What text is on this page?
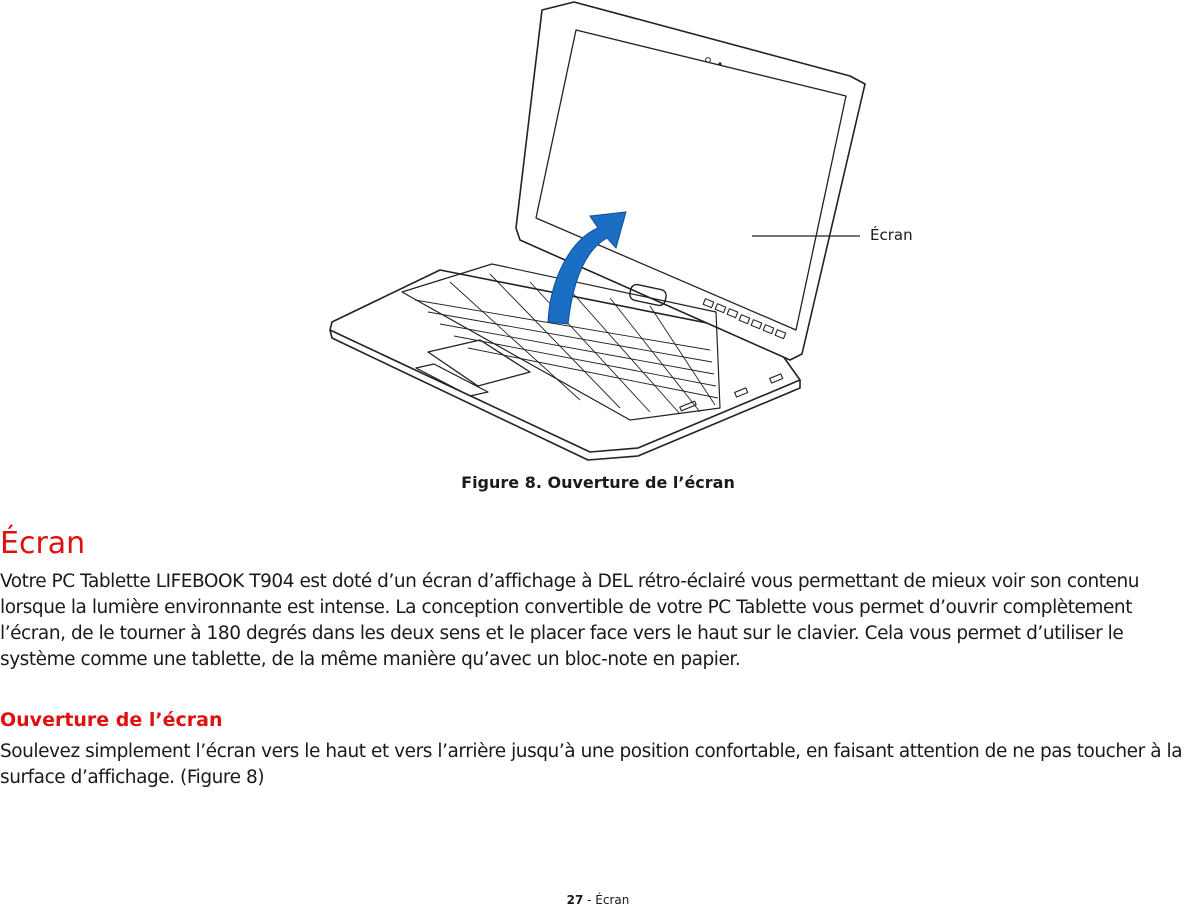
Écran
Figure 8. Ouverture de l’écran
Écran

Votre PC Tablette LIFEBOOK T904 est doté d’un écran d’affichage à DEL rétro-éclairé vous permettant de mieux voir son contenu lorsque la lumière environnante est intense. La conception convertible de votre PC Tablette vous permet d’ouvrir complètement l’écran, de le tourner à 180 degrés dans les deux sens et le placer face vers le haut sur le clavier. Cela vous permet d’utiliser le système comme une tablette, de la même manière qu’avec un bloc-note en papier.

Ouverture de l’écran

Soulevez simplement l’écran vers le haut et vers l’arrière jusqu’à une position confortable, en faisant attention de ne pas toucher à la surface d’affichage. (Figure 8)

27 - Écran
